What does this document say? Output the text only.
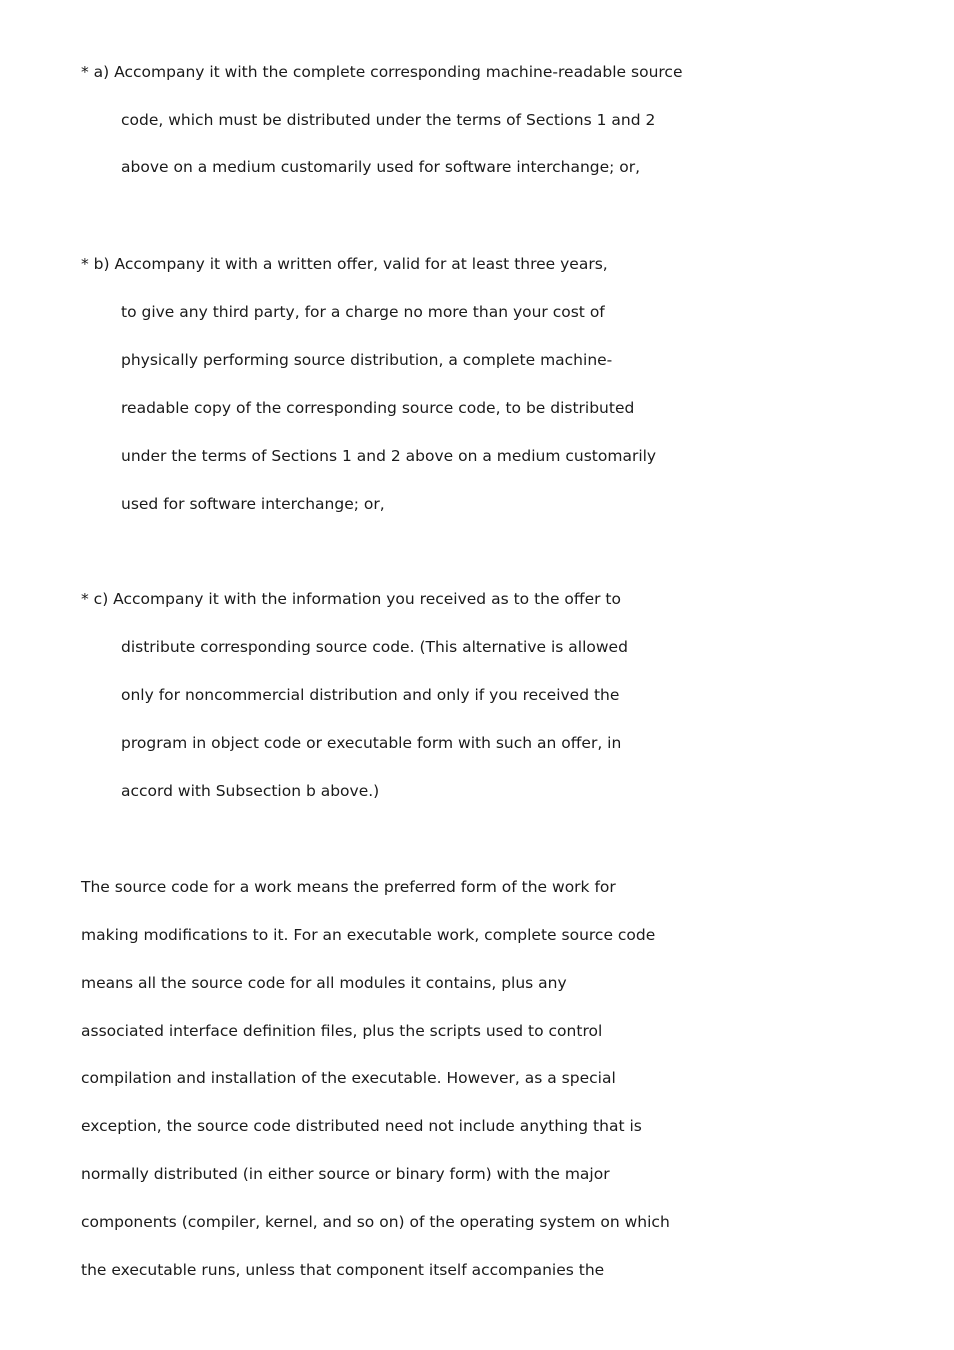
* a) Accompany it with the complete corresponding machine-readable source
code, which must be distributed under the terms of Sections 1 and 2
above on a medium customarily used for software interchange; or,
* b) Accompany it with a written offer, valid for at least three years,
to give any third party, for a charge no more than your cost of
physically performing source distribution, a complete machine-
readable copy of the corresponding source code, to be distributed
under the terms of Sections 1 and 2 above on a medium customarily
used for software interchange; or,
* c) Accompany it with the information you received as to the offer to
distribute corresponding source code. (This alternative is allowed
only for noncommercial distribution and only if you received the
program in object code or executable form with such an offer, in
accord with Subsection b above.)
The source code for a work means the preferred form of the work for
making modifications to it. For an executable work, complete source code
means all the source code for all modules it contains, plus any
associated interface definition files, plus the scripts used to control
compilation and installation of the executable. However, as a special
exception, the source code distributed need not include anything that is
normally distributed (in either source or binary form) with the major
components (compiler, kernel, and so on) of the operating system on which
the executable runs, unless that component itself accompanies the
